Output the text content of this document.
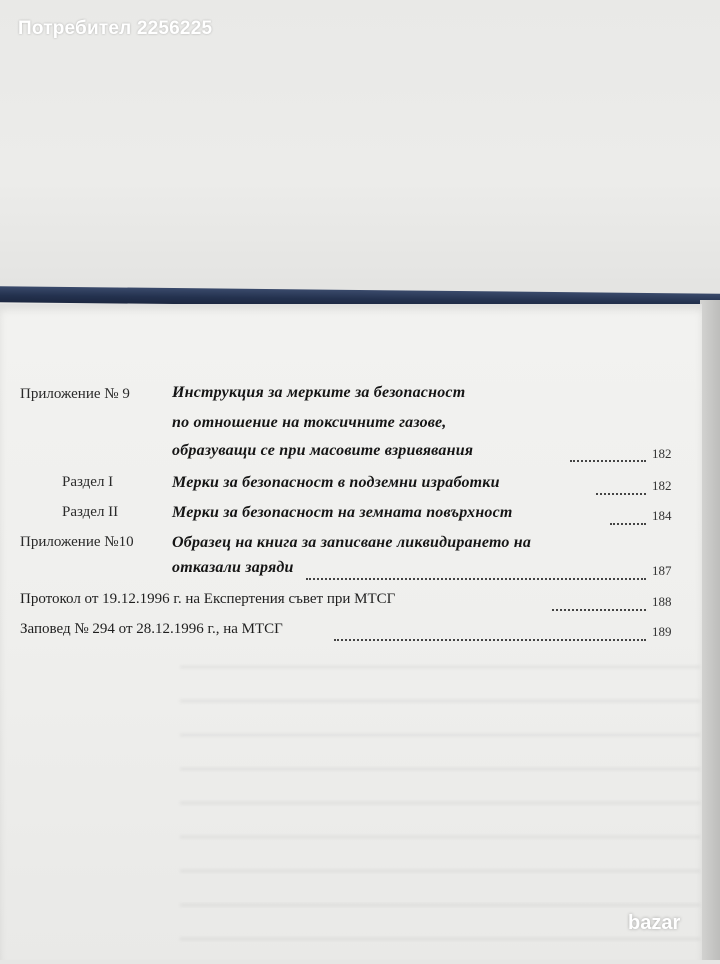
Потребител 2256225
Приложение № 9	Инструкция за мерките за безопасност
по отношение на токсичните газове,
образуващи се при масовите взривявания	182
Раздел I	Мерки за безопасност в подземни изработки	182
Раздел II	Мерки за безопасност на земната повърхност	184
Приложение №10 Образец на книга за записване ликвидирането на
отказали заряди	187
Протокол от 19.12.1996 г. на Експертения съвет при МТСГ	188
Заповед № 294 от 28.12.1996 г., на МТСГ	189
bazar
